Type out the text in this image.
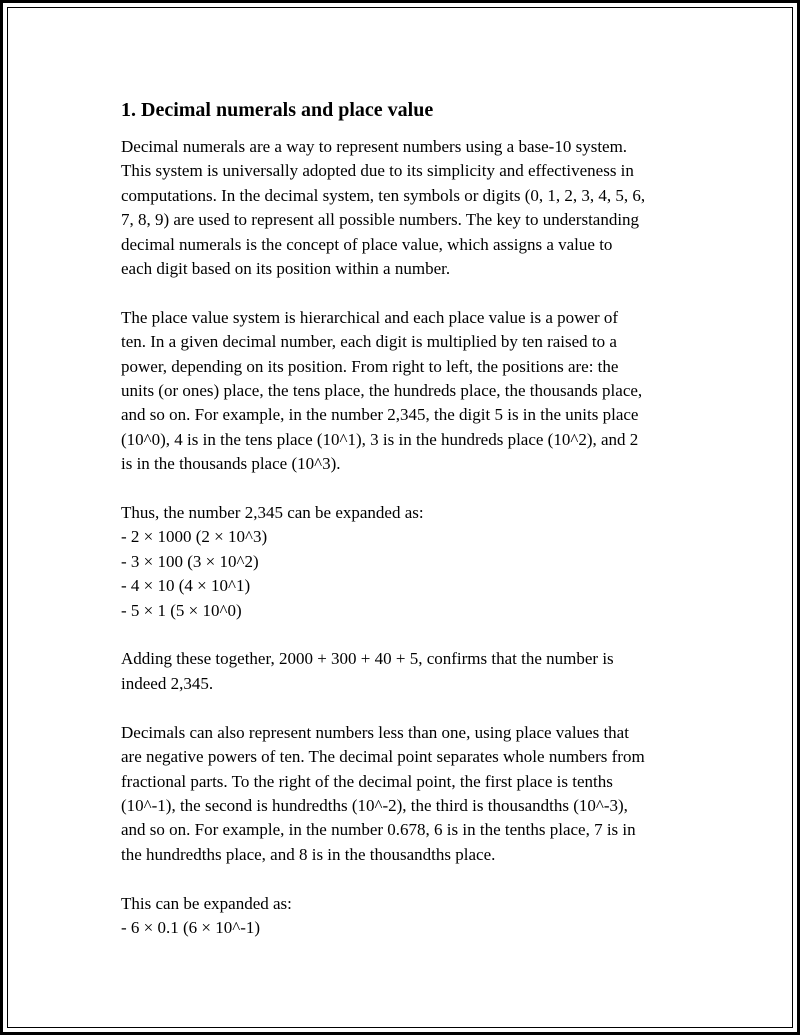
1. Decimal numerals and place value

Decimal numerals are a way to represent numbers using a base-10 system.
This system is universally adopted due to its simplicity and effectiveness in
computations. In the decimal system, ten symbols or digits (0, 1, 2, 3, 4, 5, 6,
7, 8, 9) are used to represent all possible numbers. The key to understanding
decimal numerals is the concept of place value, which assigns a value to
each digit based on its position within a number.

The place value system is hierarchical and each place value is a power of
ten. In a given decimal number, each digit is multiplied by ten raised to a
power, depending on its position. From right to left, the positions are: the
units (or ones) place, the tens place, the hundreds place, the thousands place,
and so on. For example, in the number 2,345, the digit 5 is in the units place
(10^0), 4 is in the tens place (10^1), 3 is in the hundreds place (10^2), and 2
is in the thousands place (10^3).

Thus, the number 2,345 can be expanded as:
- 2 × 1000 (2 × 10^3)
- 3 × 100 (3 × 10^2)
- 4 × 10 (4 × 10^1)
- 5 × 1 (5 × 10^0)

Adding these together, 2000 + 300 + 40 + 5, confirms that the number is
indeed 2,345.

Decimals can also represent numbers less than one, using place values that
are negative powers of ten. The decimal point separates whole numbers from
fractional parts. To the right of the decimal point, the first place is tenths
(10^-1), the second is hundredths (10^-2), the third is thousandths (10^-3),
and so on. For example, in the number 0.678, 6 is in the tenths place, 7 is in
the hundredths place, and 8 is in the thousandths place.

This can be expanded as:
- 6 × 0.1 (6 × 10^-1)
